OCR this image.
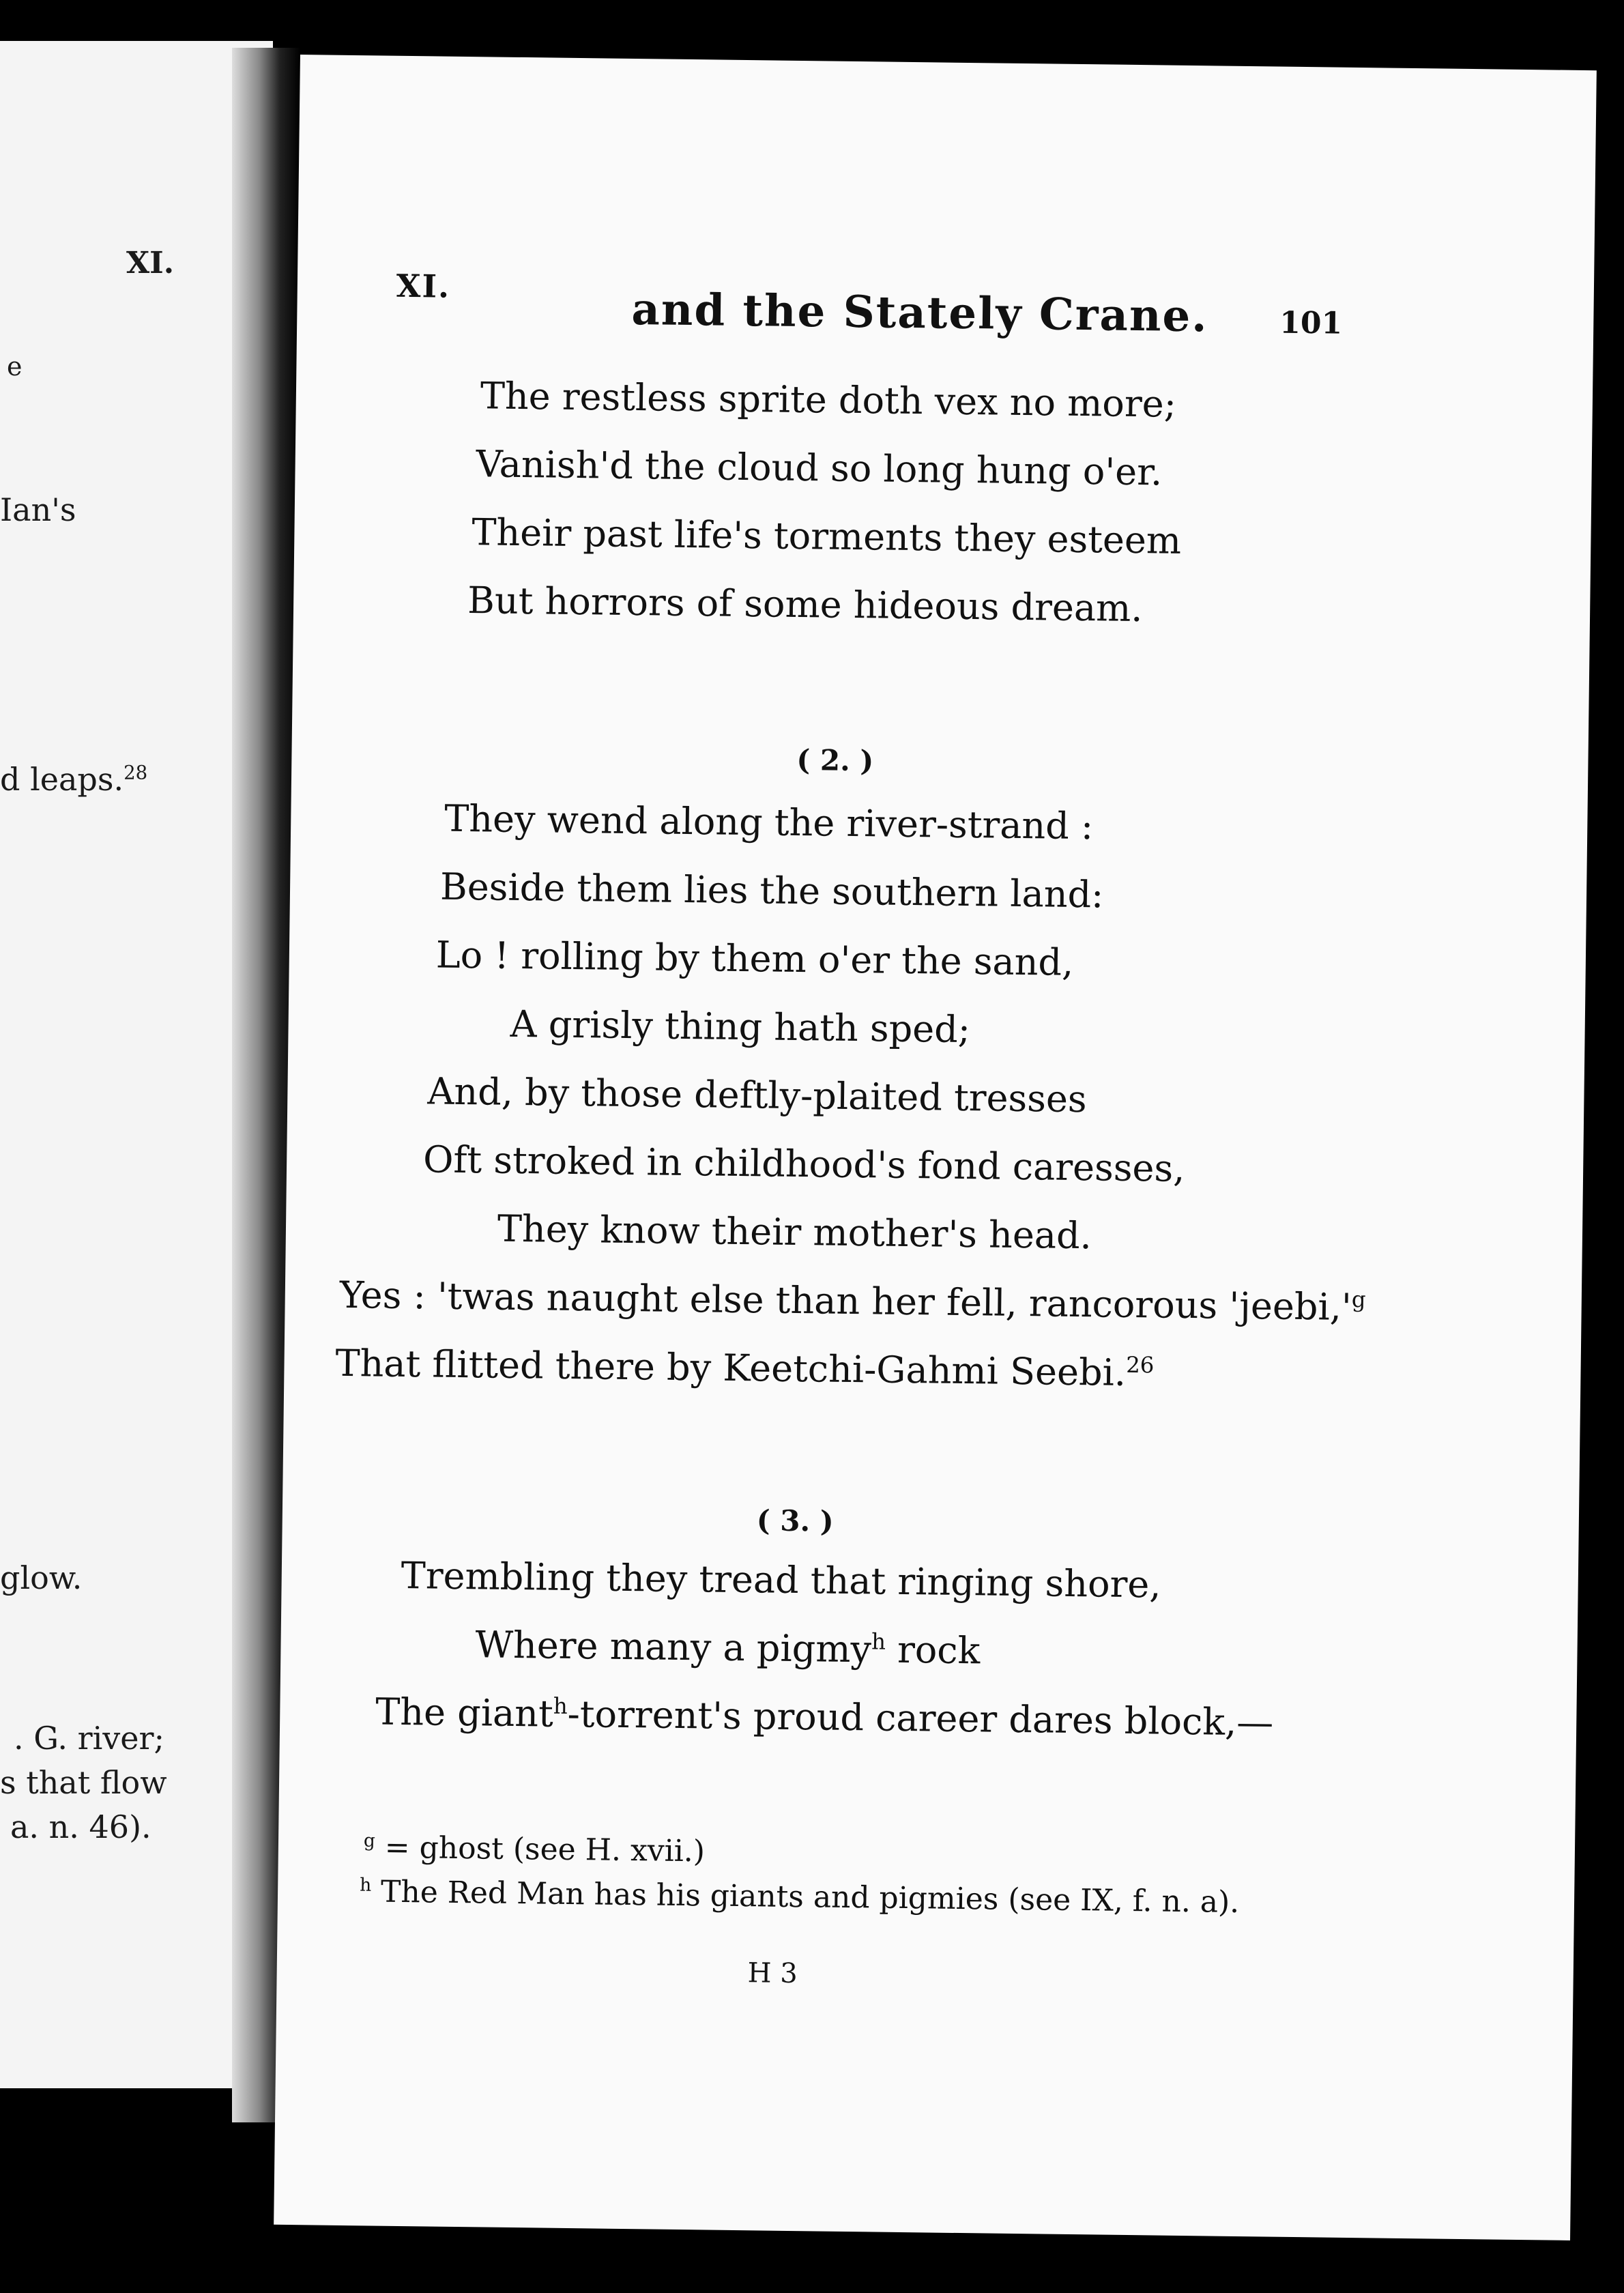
XI.
e
Ian's
d leaps.$^{28}$
glow.
. G. river;
s that flow
a. n. 46).
XI.	and the Stately Crane. 101
The restless sprite doth vex no more;
Vanish'd the cloud so long hung o'er.
Their past life's torments they esteem
But horrors of some hideous dream.
( 2. )
They wend along the river-strand :
Beside them lies the southern land:
Lo ! rolling by them o'er the sand,
A grisly thing hath sped;
And, by those deftly-plaited tresses
Oft stroked in childhood's fond caresses,
They know their mother's head.
Yes : 'twas naught else than her fell, rancorous '$jeebi,'^g$
That flitted there by Keetchi-Gahmi Seebi.$^{26}$
( 3. )
Trembling they tread that ringing shore,
Where many a pigmy$^h$ rock
The giant$^h$-torrent's proud career dares block,—
$^g$ = ghost (see H. xvii.)
$^h$ The Red Man has his giants and pigmies (see IX, f. n. a).
H 3
